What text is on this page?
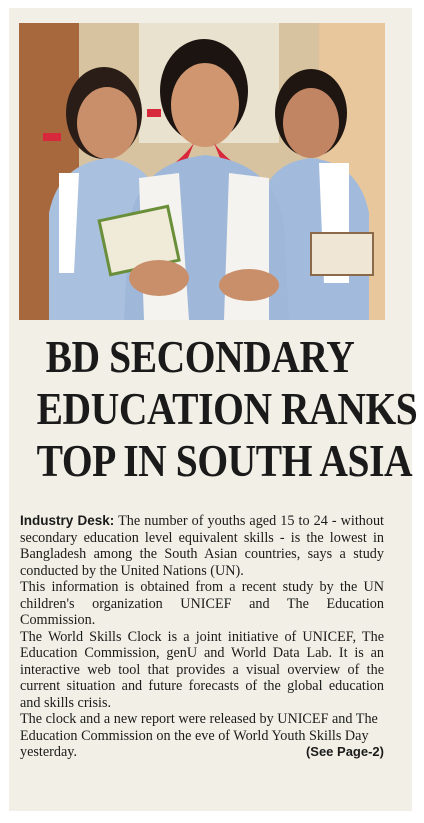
BD SECONDARY
EDUCATION RANKS
TOP IN SOUTH ASIA

Industry Desk: The number of youths aged 15 to 24 - without secondary education level equivalent skills - is the lowest in Bangladesh among the South Asian countries, says a study conducted by the United Nations (UN).

This information is obtained from a recent study by the UN children's organization UNICEF and The Education Commission.

The World Skills Clock is a joint initiative of UNICEF, The Education Commission, genU and World Data Lab. It is an interactive web tool that provides a visual overview of the current situation and future forecasts of the global education and skills crisis.

The clock and a new report were released by UNICEF and The Education Commission on the eve of World Youth Skills Day yesterday.	(See Page-2)
